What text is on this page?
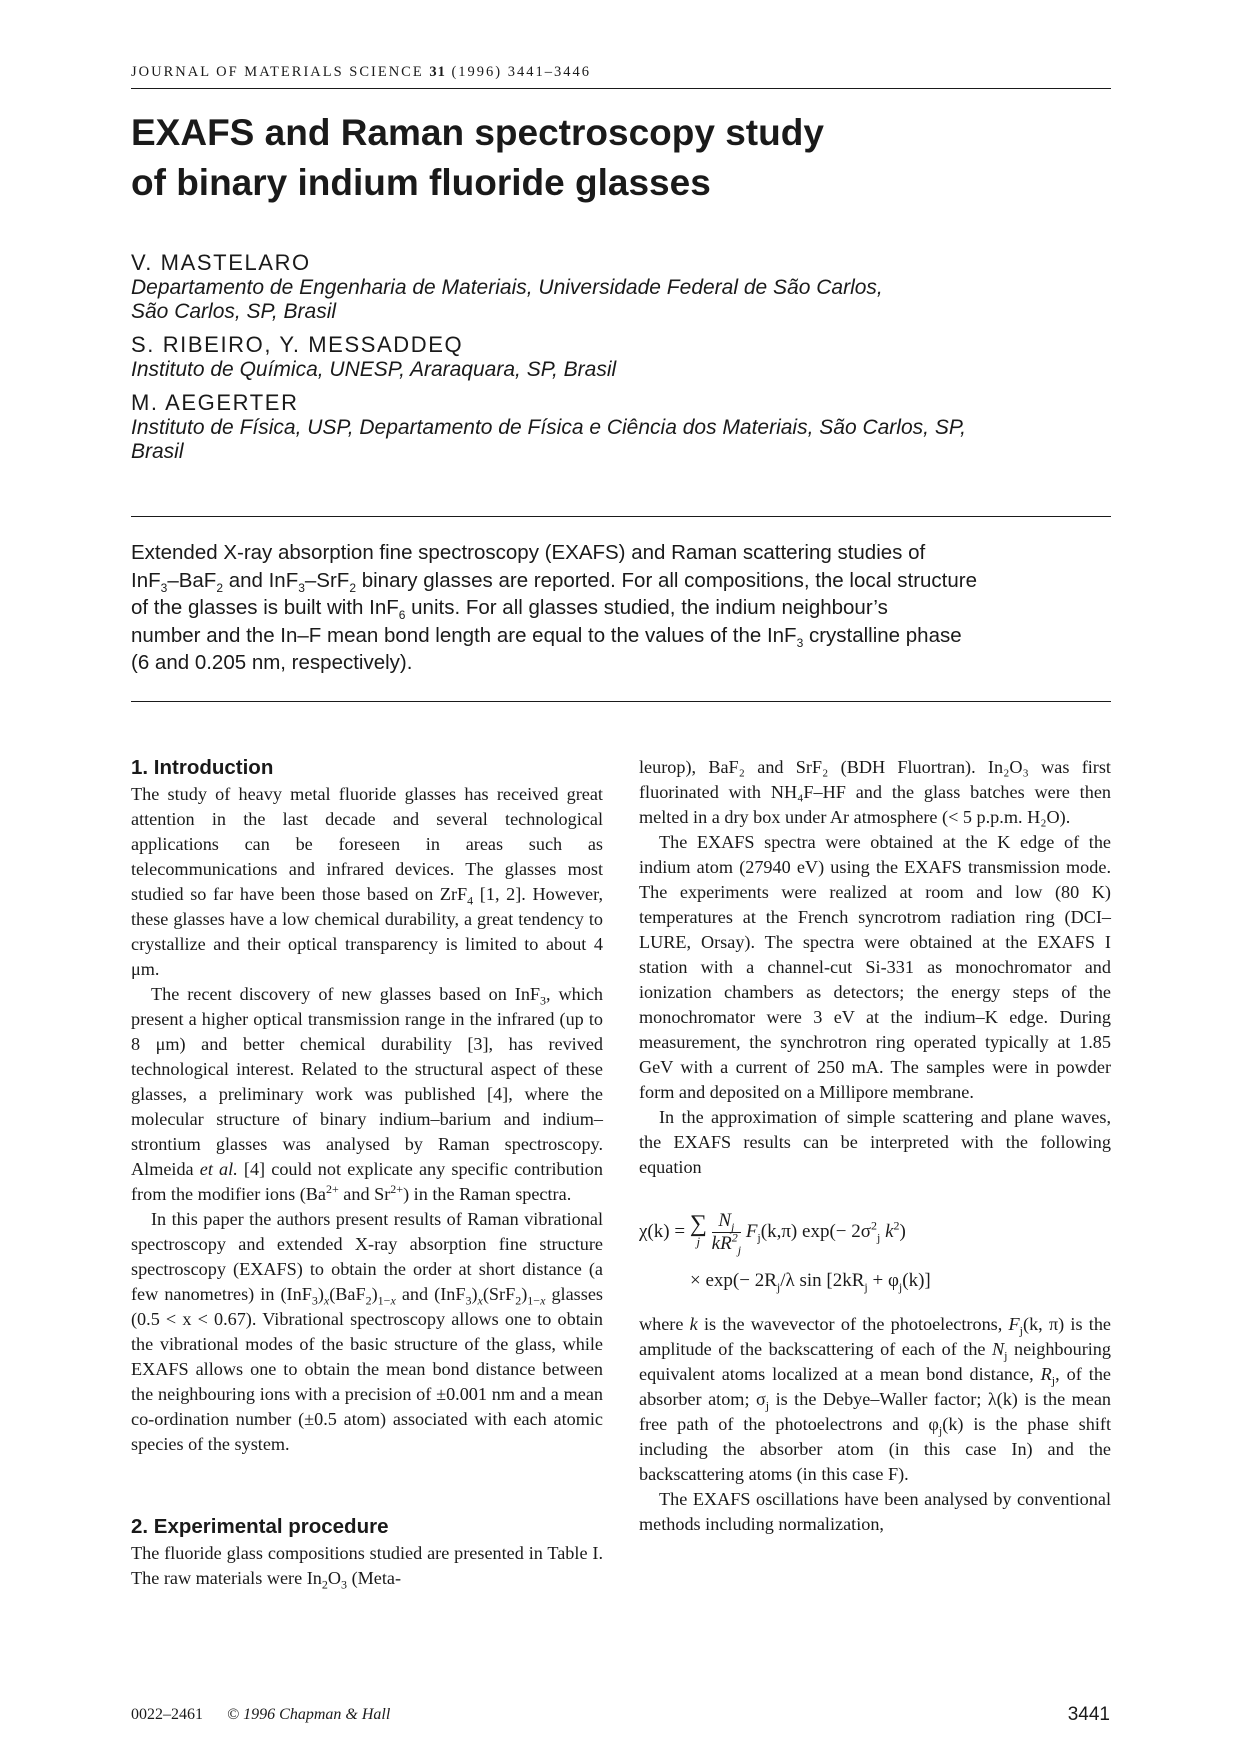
JOURNAL OF MATERIALS SCIENCE 31 (1996) 3441–3446
EXAFS and Raman spectroscopy study
of binary indium fluoride glasses

V. MASTELARO

Departamento de Engenharia de Materiais, Universidade Federal de São Carlos,
São Carlos, SP, Brasil

S. RIBEIRO, Y. MESSADDEQ

Instituto de Química, UNESP, Araraquara, SP, Brasil

M. AEGERTER

Instituto de Física, USP, Departamento de Física e Ciência dos Materiais, São Carlos, SP,
Brasil

Extended X-ray absorption fine spectroscopy (EXAFS) and Raman scattering studies of
InF$_3$–BaF$_2$ and InF$_3$–SrF$_2$ binary glasses are reported. For all compositions, the local structure
of the glasses is built with InF$_6$ units. For all glasses studied, the indium neighbour’s
number and the In–F mean bond length are equal to the values of the InF$_3$ crystalline phase
(6 and 0.205 nm, respectively).
1. Introduction

The study of heavy metal fluoride glasses has received great attention in the last decade and several technological applications can be foreseen in areas such as telecommunications and infrared devices. The glasses most studied so far have been those based on ZrF$_4$ [1, 2]. However, these glasses have a low chemical durability, a great tendency to crystallize and their optical transparency is limited to about 4 μm.

The recent discovery of new glasses based on InF$_3$, which present a higher optical transmission range in the infrared (up to 8 μm) and better chemical durability [3], has revived technological interest. Related to the structural aspect of these glasses, a preliminary work was published [4], where the molecular structure of binary indium–barium and indium–strontium glasses was analysed by Raman spectroscopy. Almeida et al. [4] could not explicate any specific contribution from the modifier ions ($Ba^{2+}$ and $Sr^{2+}$) in the Raman spectra.

In this paper the authors present results of Raman vibrational spectroscopy and extended X-ray absorption fine structure spectroscopy (EXAFS) to obtain the order at short distance (a few nanometres) in $(InF_3)_x(BaF_2)_{1-x}$ and $(InF_3)_x(SrF_2)_{1-x}$ glasses (0.5 < x < 0.67). Vibrational spectroscopy allows one to obtain the vibrational modes of the basic structure of the glass, while EXAFS allows one to obtain the mean bond distance between the neighbouring ions with a precision of ±0.001 nm and a mean co-ordination number (±0.5 atom) associated with each atomic species of the system.

2. Experimental procedure

The fluoride glass compositions studied are presented in Table I. The raw materials were $In_2O_3$ (Meta-

leurop), BaF₂ and SrF₂ (BDH Fluortran). In₂O₃ was first fluorinated with NH₄F–HF and the glass batches were then melted in a dry box under Ar atmosphere (< 5 p.p.m. H₂O).

The EXAFS spectra were obtained at the K edge of the indium atom (27940 eV) using the EXAFS transmission mode. The experiments were realized at room and low (80 K) temperatures at the French syncrotrom radiation ring (DCI–LURE, Orsay). The spectra were obtained at the EXAFS I station with a channel-cut Si-331 as monochromator and ionization chambers as detectors; the energy steps of the monochromator were 3 eV at the indium–K edge. During measurement, the synchrotron ring operated typically at 1.85 GeV with a current of 250 mA. The samples were in powder form and deposited on a Millipore membrane.

In the approximation of simple scattering and plane waves, the EXAFS results can be interpreted with the following equation

χ(k) = ∑
j
$\frac{N_j}{kR^2_j} F_j(k,\pi)$ $\exp(- 2\sigma^2_j$ $k^2$)
× $\exp(- 2R_j/\lambda$ $\sin [2kR_j + \varphi_j(k)]$

where k is the wavevector of the photoelectrons, $F_j(k$, π) is the amplitude of the backscattering of each of the $N_j$ neighbouring equivalent atoms localized at a mean bond distance, $R_j$, of the absorber atom; $\sigma_j$ is the Debye–Waller factor; λ(k) is the mean free path of the photoelectrons and $\varphi_j(k)$ is the phase shift including the absorber atom (in this case In) and the backscattering atoms (in this case F).

The EXAFS oscillations have been analysed by conventional methods including normalization,

0022–2461 © 1996 Chapman & Hall	3441
